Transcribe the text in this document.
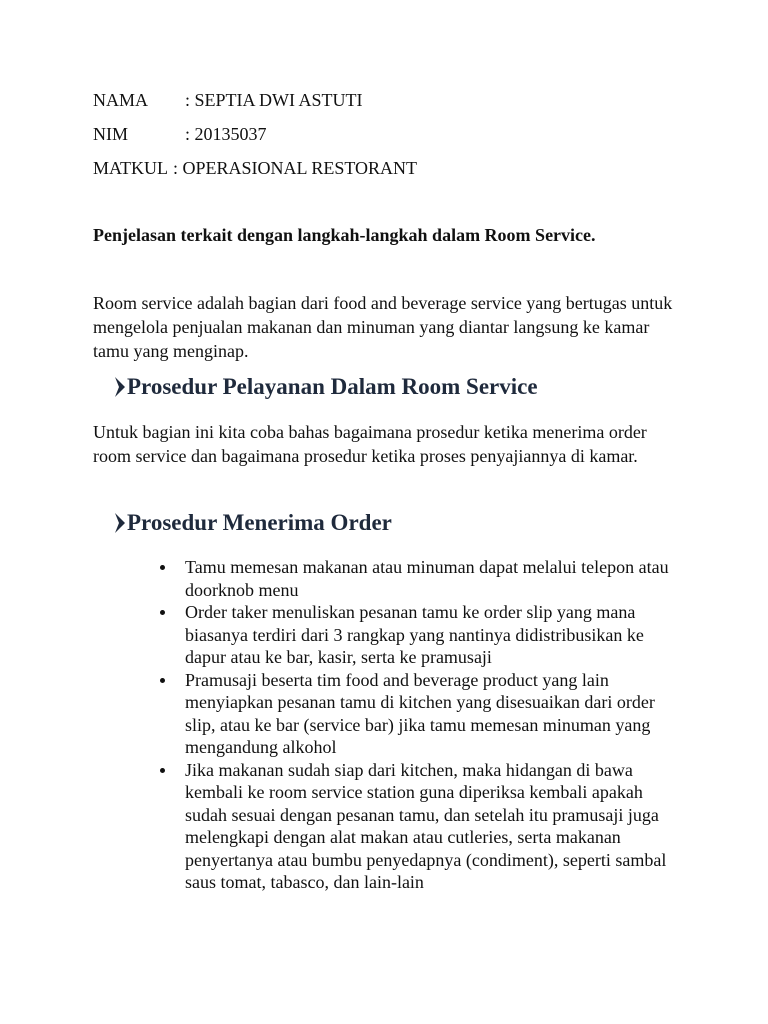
NAMA : SEPTIA DWI ASTUTI
NIM	: 20135037
MATKUL : OPERASIONAL RESTORANT
Penjelasan terkait dengan langkah-langkah dalam Room Service.

Room service adalah bagian dari food and beverage service yang bertugas untuk mengelola penjualan makanan dan minuman yang diantar langsung ke kamar tamu yang menginap.

Prosedur Pelayanan Dalam Room Service

Untuk bagian ini kita coba bahas bagaimana prosedur ketika menerima order room service dan bagaimana prosedur ketika proses penyajiannya di kamar.

Prosedur Menerima Order
Tamu memesan makanan atau minuman dapat melalui telepon atau doorknob menu
Order taker menuliskan pesanan tamu ke order slip yang mana biasanya terdiri dari 3 rangkap yang nantinya didistribusikan ke dapur atau ke bar, kasir, serta ke pramusaji
Pramusaji beserta tim food and beverage product yang lain menyiapkan pesanan tamu di kitchen yang disesuaikan dari order slip, atau ke bar (service bar) jika tamu memesan minuman yang mengandung alkohol
Jika makanan sudah siap dari kitchen, maka hidangan di bawa kembali ke room service station guna diperiksa kembali apakah sudah sesuai dengan pesanan tamu, dan setelah itu pramusaji juga melengkapi dengan alat makan atau cutleries, serta makanan penyertanya atau bumbu penyedapnya (condiment), seperti sambal saus tomat, tabasco, dan lain-lain
